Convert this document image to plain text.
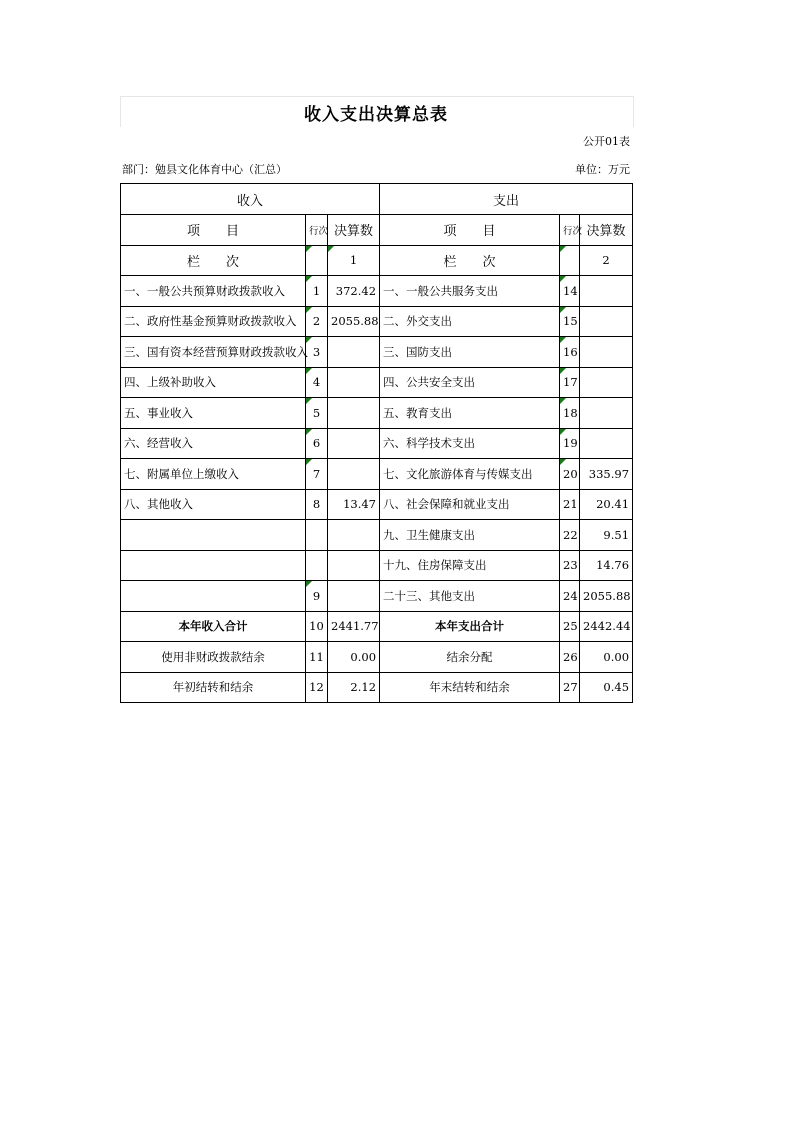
收入支出决算总表
公开01表
部门：勉县文化体育中心（汇总）	单位：万元
收入			支出		
项　　目	行次	决算数	项　　目	行次	决算数
栏　　次		1	栏　　次		2
一、一般公共预算财政拨款收入	1	372.42	一、一般公共服务支出	14	
二、政府性基金预算财政拨款收入	2	2055.88	二、外交支出	15	
三、国有资本经营预算财政拨款收入	3		三、国防支出	16	
四、上级补助收入	4		四、公共安全支出	17	
五、事业收入	5		五、教育支出	18	
六、经营收入	6		六、科学技术支出	19	
七、附属单位上缴收入	7		七、文化旅游体育与传媒支出	20	335.97
八、其他收入	8	13.47	八、社会保障和就业支出	21	20.41
			九、卫生健康支出	22	9.51
			十九、住房保障支出	23	14.76
	9		二十三、其他支出	24	2055.88
本年收入合计	10	2441.77	本年支出合计	25	2442.44
使用非财政拨款结余	11	0.00	结余分配	26	0.00
年初结转和结余	12	2.12	年末结转和结余	27	0.45
